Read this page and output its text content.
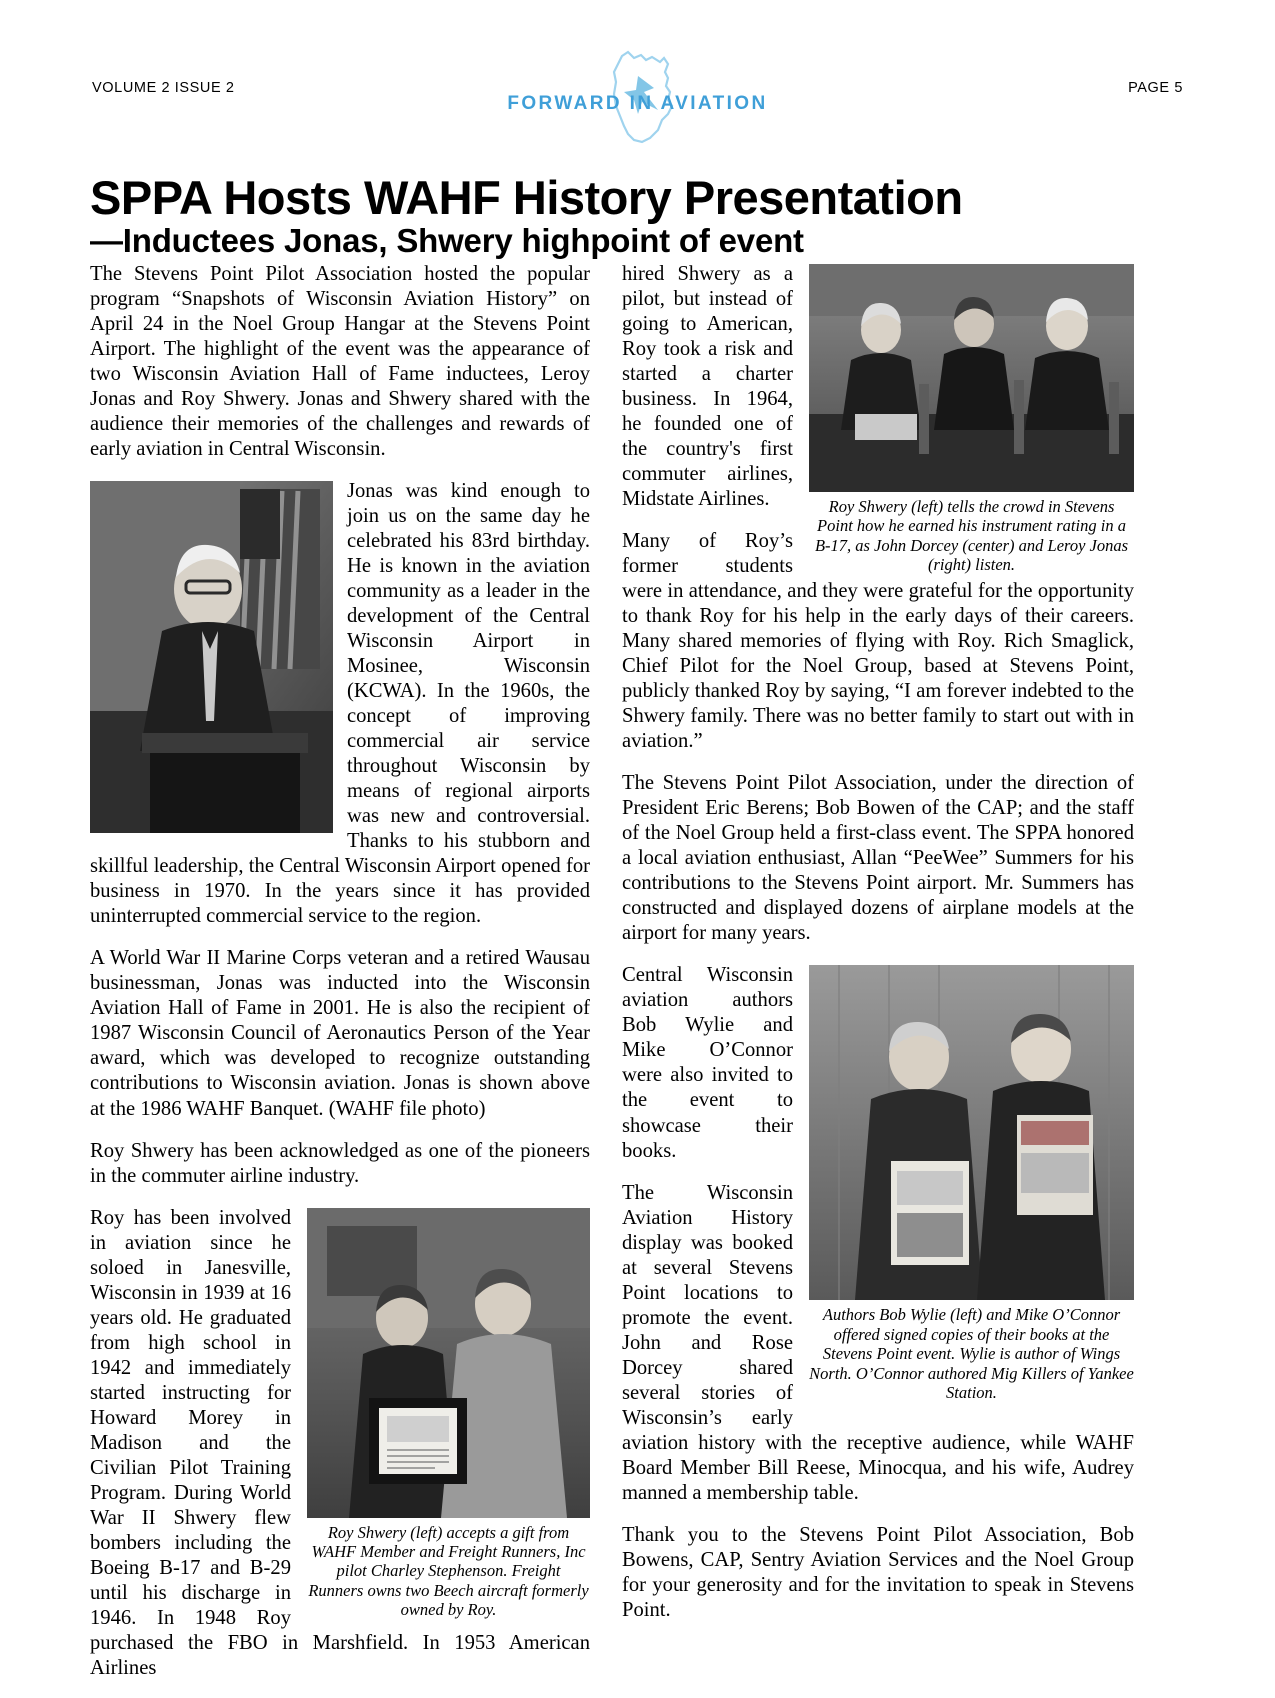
VOLUME 2 ISSUE 2
FORWARD IN AVIATION
PAGE 5
SPPA Hosts WAHF History Presentation
—Inductees Jonas, Shwery highpoint of event

The Stevens Point Pilot Association hosted the popular program “Snapshots of Wisconsin Aviation History” on April 24 in the Noel Group Hangar at the Stevens Point Airport. The highlight of the event was the appearance of two Wisconsin Aviation Hall of Fame inductees, Leroy Jonas and Roy Shwery. Jonas and Shwery shared with the audience their memories of the challenges and rewards of early aviation in Central Wisconsin.

Jonas was kind enough to join us on the same day he celebrated his 83rd birthday. He is known in the aviation community as a leader in the development of the Central Wisconsin Airport in Mosinee, Wisconsin (KCWA). In the 1960s, the concept of improving commercial air service throughout Wisconsin by means of regional airports was new and controversial. Thanks to his stubborn and skillful leadership, the Central Wisconsin Airport opened for business in 1970. In the years since it has provided uninterrupted commercial service to the region.

A World War II Marine Corps veteran and a retired Wausau businessman, Jonas was inducted into the Wisconsin Aviation Hall of Fame in 2001. He is also the recipient of 1987 Wisconsin Council of Aeronautics Person of the Year award, which was developed to recognize outstanding contributions to Wisconsin aviation. Jonas is shown above at the 1986 WAHF Banquet. (WAHF file photo)

Roy Shwery has been acknowledged as one of the pioneers in the commuter airline industry.

Roy Shwery (left) accepts a gift from WAHF Member and Freight Runners, Inc pilot Charley Stephenson. Freight Runners owns two Beech aircraft formerly owned by Roy.

Roy has been involved in aviation since he soloed in Janesville, Wisconsin in 1939 at 16 years old. He graduated from high school in 1942 and immediately started instructing for Howard Morey in Madison and the Civilian Pilot Training Program. During World War II Shwery flew bombers including the Boeing B-17 and B-29 until his discharge in 1946. In 1948 Roy purchased the FBO in Marshfield. In 1953 American Airlines

Roy Shwery (left) tells the crowd in Stevens Point how he earned his instrument rating in a B-17, as John Dorcey (center) and Leroy Jonas (right) listen.

hired Shwery as a pilot, but instead of going to American, Roy took a risk and started a charter business. In 1964, he founded one of the country's first commuter airlines, Midstate Airlines.

Many of Roy’s former students were in attendance, and they were grateful for the opportunity to thank Roy for his help in the early days of their careers. Many shared memories of flying with Roy. Rich Smaglick, Chief Pilot for the Noel Group, based at Stevens Point, publicly thanked Roy by saying, “I am forever indebted to the Shwery family. There was no better family to start out with in aviation.”

The Stevens Point Pilot Association, under the direction of President Eric Berens; Bob Bowen of the CAP; and the staff of the Noel Group held a first-class event. The SPPA honored a local aviation enthusiast, Allan “PeeWee” Summers for his contributions to the Stevens Point airport. Mr. Summers has constructed and displayed dozens of airplane models at the airport for many years.

Authors Bob Wylie (left) and Mike O’Connor offered signed copies of their books at the Stevens Point event. Wylie is author of Wings North. O’Connor authored Mig Killers of Yankee Station.

Central Wisconsin aviation authors Bob Wylie and Mike O’Connor were also invited to the event to showcase their books.

The Wisconsin Aviation History display was booked at several Stevens Point locations to promote the event. John and Rose Dorcey shared several stories of Wisconsin’s early aviation history with the receptive audience, while WAHF Board Member Bill Reese, Minocqua, and his wife, Audrey manned a membership table.

Thank you to the Stevens Point Pilot Association, Bob Bowens, CAP, Sentry Aviation Services and the Noel Group for your generosity and for the invitation to speak in Stevens Point.
